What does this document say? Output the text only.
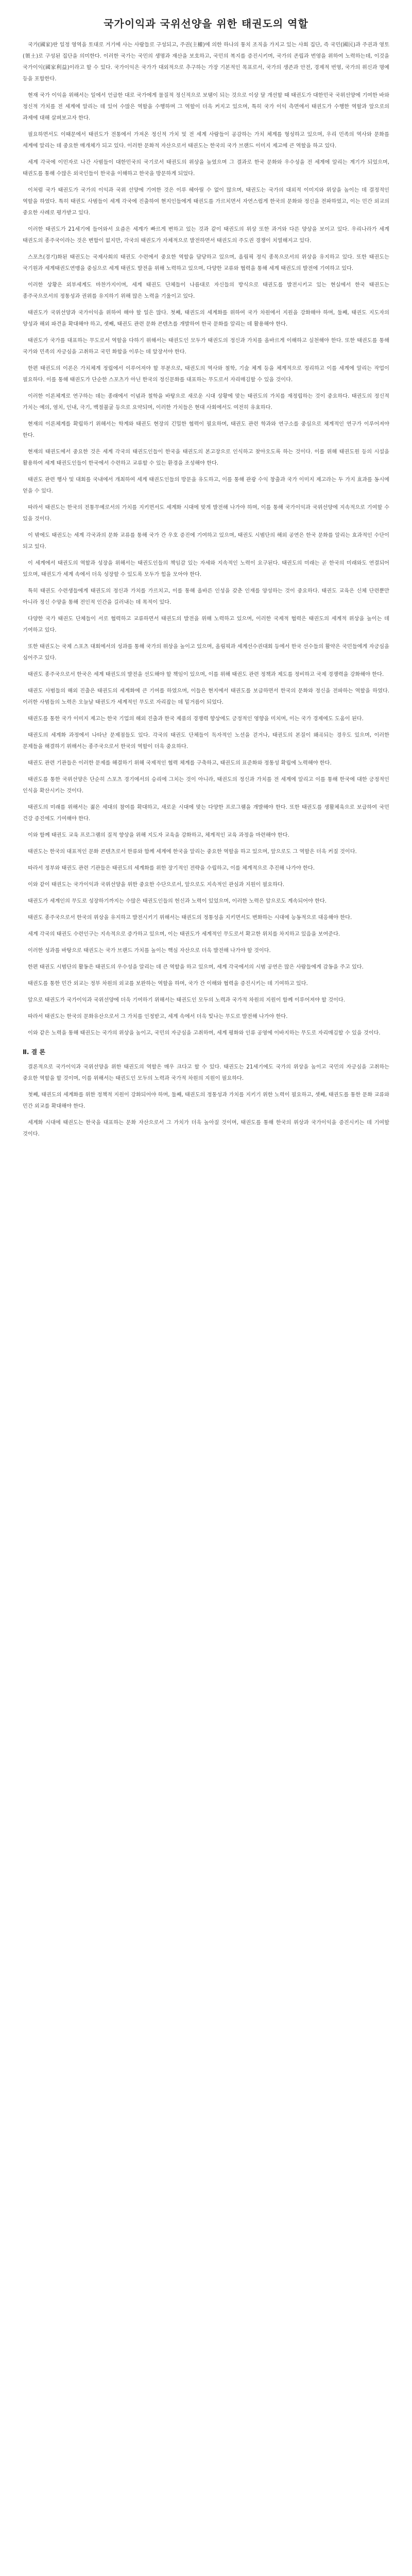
국가이익과 국위선양을 위한 태권도의 역할

국가(國家)란 일정 영역을 토대로 거기에 사는 사람들로 구성되고, 주권(主權)에 의한 하나의 통치 조직을 가지고 있는 사회 집단, 즉 국민(國民)과 주권과 영토(領土)로 구성된 집단을 의미한다. 이러한 국가는 국민의 생명과 재산을 보호하고, 국민의 복지를 증진시키며, 국가의 존립과 번영을 위하여 노력하는데, 이것을 국가이익(國家利益)이라고 할 수 있다. 국가이익은 국가가 대외적으로 추구하는 가장 기본적인 목표로서, 국가의 생존과 안전, 경제적 번영, 국가의 위신과 명예 등을 포함한다.

현재 국가 이익을 위해서는 일에서 언급한 대로 국가에게 물질적 정신적으로 보탬이 되는 것으로 이상 달 개선할 때 태권도가 대한민국 국위선양에 기여한 바와 정신적 가치를 전 세계에 알리는 데 있어 수많은 역할을 수행하며 그 역할이 더욱 커지고 있으며, 특히 국가 이익 측면에서 태권도가 수행한 역할과 앞으로의 과제에 대해 살펴보고자 한다.

필요하면서도 이때문에서 태권도가 전통에서 가져온 정신적 가치 및 전 세계 사람들이 공감하는 가치 체계를 형성하고 있으며, 우리 민족의 역사와 문화를 세계에 알리는 데 중요한 매개체가 되고 있다. 이러한 문화적 자산으로서 태권도는 한국의 국가 브랜드 이미지 제고에 큰 역할을 하고 있다.

세계 각국에 이민자로 나간 사범들이 대한민국의 국기로서 태권도의 위상을 높였으며 그 결과로 한국 문화와 우수성을 전 세계에 알리는 계기가 되었으며, 태권도를 통해 수많은 외국인들이 한국을 이해하고 한국을 방문하게 되었다.

이처럼 국가 태권도가 국가의 이익과 국위 선양에 기여한 것은 이루 헤아릴 수 없이 많으며, 태권도는 국가의 대외적 이미지와 위상을 높이는 데 결정적인 역할을 하였다. 특히 태권도 사범들이 세계 각국에 진출하여 현지인들에게 태권도를 가르치면서 자연스럽게 한국의 문화와 정신을 전파하였고, 이는 민간 외교의 중요한 사례로 평가받고 있다.

이러한 태권도가 21세기에 들어와서 요즘은 세계가 빠르게 변하고 있는 것과 같이 태권도의 위상 또한 과거와 다른 양상을 보이고 있다. 우리나라가 세계 태권도의 종주국이라는 것은 변함이 없지만, 각국의 태권도가 자체적으로 발전하면서 태권도의 주도권 경쟁이 치열해지고 있다.

스포츠(경기)화된 태권도는 국제사회의 태권도 수련에서 중요한 역할을 담당하고 있으며, 올림픽 정식 종목으로서의 위상을 유지하고 있다. 또한 태권도는 국기원과 세계태권도연맹을 중심으로 세계 태권도 발전을 위해 노력하고 있으며, 다양한 교류와 협력을 통해 세계 태권도의 발전에 기여하고 있다.

이러한 상황은 외부세계도 마찬가지이며, 세계 태권도 단체들이 나름대로 자신들의 방식으로 태권도를 발전시키고 있는 현실에서 한국 태권도는 종주국으로서의 정통성과 권위를 유지하기 위해 많은 노력을 기울이고 있다.

태권도가 국위선양과 국가이익을 위하여 해야 할 일은 많다. 첫째, 태권도의 세계화를 위하여 국가 차원에서 지원을 강화해야 하며, 둘째, 태권도 지도자의 양성과 해외 파견을 확대해야 하고, 셋째, 태권도 관련 문화 콘텐츠를 개발하여 한국 문화를 알리는 데 활용해야 한다.

태권도가 국가를 대표하는 무도로서 역할을 다하기 위해서는 태권도인 모두가 태권도의 정신과 가치를 올바르게 이해하고 실천해야 한다. 또한 태권도를 통해 국가와 민족의 자긍심을 고취하고 국민 화합을 이루는 데 앞장서야 한다.

한편 태권도의 이론은 가치체계 정립에서 이루어져야 할 부분으로, 태권도의 역사와 철학, 기술 체계 등을 체계적으로 정리하고 이를 세계에 알리는 작업이 필요하다. 이를 통해 태권도가 단순한 스포츠가 아닌 한국의 정신문화를 대표하는 무도로서 자리매김할 수 있을 것이다.

이러한 이론체계로 연구하는 데는 종래에서 이념과 철학을 바탕으로 새로운 시대 상황에 맞는 태권도의 가치를 재정립하는 것이 중요하다. 태권도의 정신적 가치는 예의, 염치, 인내, 극기, 백절불굴 등으로 요약되며, 이러한 가치들은 현대 사회에서도 여전히 유효하다.

현재의 이론체계를 확립하기 위해서는 학계와 태권도 현장의 긴밀한 협력이 필요하며, 태권도 관련 학과와 연구소를 중심으로 체계적인 연구가 이루어져야 한다.

현재의 태권도에서 중요한 것은 세계 각국의 태권도인들이 한국을 태권도의 본고장으로 인식하고 찾아오도록 하는 것이다. 이를 위해 태권도원 등의 시설을 활용하여 세계 태권도인들이 한국에서 수련하고 교류할 수 있는 환경을 조성해야 한다.

태권도 관련 행사 및 대회를 국내에서 개최하여 세계 태권도인들의 방문을 유도하고, 이를 통해 관광 수익 창출과 국가 이미지 제고라는 두 가지 효과를 동시에 얻을 수 있다.

따라서 태권도는 한국의 전통무예로서의 가치를 지키면서도 세계화 시대에 맞게 발전해 나가야 하며, 이를 통해 국가이익과 국위선양에 지속적으로 기여할 수 있을 것이다.

이 밖에도 태권도는 세계 각국과의 문화 교류를 통해 국가 간 우호 증진에 기여하고 있으며, 태권도 시범단의 해외 공연은 한국 문화를 알리는 효과적인 수단이 되고 있다.

이 세계에서 태권도의 역할과 성장을 위해서는 태권도인들의 책임감 있는 자세와 지속적인 노력이 요구된다. 태권도의 미래는 곧 한국의 미래와도 연결되어 있으며, 태권도가 세계 속에서 더욱 성장할 수 있도록 모두가 힘을 모아야 한다.

특히 태권도 수련생들에게 태권도의 정신과 가치를 가르치고, 이를 통해 올바른 인성을 갖춘 인재를 양성하는 것이 중요하다. 태권도 교육은 신체 단련뿐만 아니라 정신 수양을 통해 전인적 인간을 길러내는 데 목적이 있다.

다양한 국가 태권도 단체들이 서로 협력하고 교류하면서 태권도의 발전을 위해 노력하고 있으며, 이러한 국제적 협력은 태권도의 세계적 위상을 높이는 데 기여하고 있다.

또한 태권도는 국제 스포츠 대회에서의 성과를 통해 국가의 위상을 높이고 있으며, 올림픽과 세계선수권대회 등에서 한국 선수들의 활약은 국민들에게 자긍심을 심어주고 있다.

태권도 종주국으로서 한국은 세계 태권도의 발전을 선도해야 할 책임이 있으며, 이를 위해 태권도 관련 정책과 제도를 정비하고 국제 경쟁력을 강화해야 한다.

태권도 사범들의 해외 진출은 태권도의 세계화에 큰 기여를 하였으며, 이들은 현지에서 태권도를 보급하면서 한국의 문화와 정신을 전파하는 역할을 하였다. 이러한 사범들의 노력은 오늘날 태권도가 세계적인 무도로 자리잡는 데 밑거름이 되었다.

태권도를 통한 국가 이미지 제고는 한국 기업의 해외 진출과 한국 제품의 경쟁력 향상에도 긍정적인 영향을 미치며, 이는 국가 경제에도 도움이 된다.

태권도의 세계화 과정에서 나타난 문제점들도 있다. 각국의 태권도 단체들이 독자적인 노선을 걷거나, 태권도의 본질이 왜곡되는 경우도 있으며, 이러한 문제들을 해결하기 위해서는 종주국으로서 한국의 역할이 더욱 중요하다.

태권도 관련 기관들은 이러한 문제를 해결하기 위해 국제적인 협력 체계를 구축하고, 태권도의 표준화와 정통성 확립에 노력해야 한다.

태권도를 통한 국위선양은 단순히 스포츠 경기에서의 승리에 그치는 것이 아니라, 태권도의 정신과 가치를 전 세계에 알리고 이를 통해 한국에 대한 긍정적인 인식을 확산시키는 것이다.

태권도의 미래를 위해서는 젊은 세대의 참여를 확대하고, 새로운 시대에 맞는 다양한 프로그램을 개발해야 한다. 또한 태권도를 생활체육으로 보급하여 국민 건강 증진에도 기여해야 한다.

이와 함께 태권도 교육 프로그램의 질적 향상을 위해 지도자 교육을 강화하고, 체계적인 교육 과정을 마련해야 한다.

태권도는 한국의 대표적인 문화 콘텐츠로서 한류와 함께 세계에 한국을 알리는 중요한 역할을 하고 있으며, 앞으로도 그 역할은 더욱 커질 것이다.

따라서 정부와 태권도 관련 기관들은 태권도의 세계화를 위한 장기적인 전략을 수립하고, 이를 체계적으로 추진해 나가야 한다.

이와 같이 태권도는 국가이익과 국위선양을 위한 중요한 수단으로서, 앞으로도 지속적인 관심과 지원이 필요하다.

태권도가 세계인의 무도로 성장하기까지는 수많은 태권도인들의 헌신과 노력이 있었으며, 이러한 노력은 앞으로도 계속되어야 한다.

태권도 종주국으로서 한국의 위상을 유지하고 발전시키기 위해서는 태권도의 정통성을 지키면서도 변화하는 시대에 능동적으로 대응해야 한다.

세계 각국의 태권도 수련인구는 지속적으로 증가하고 있으며, 이는 태권도가 세계적인 무도로서 확고한 위치를 차지하고 있음을 보여준다.

이러한 성과를 바탕으로 태권도는 국가 브랜드 가치를 높이는 핵심 자산으로 더욱 발전해 나가야 할 것이다.

한편 태권도 시범단의 활동은 태권도의 우수성을 알리는 데 큰 역할을 하고 있으며, 세계 각국에서의 시범 공연은 많은 사람들에게 감동을 주고 있다.

태권도를 통한 민간 외교는 정부 차원의 외교를 보완하는 역할을 하며, 국가 간 이해와 협력을 증진시키는 데 기여하고 있다.

앞으로 태권도가 국가이익과 국위선양에 더욱 기여하기 위해서는 태권도인 모두의 노력과 국가적 차원의 지원이 함께 이루어져야 할 것이다.

따라서 태권도는 한국의 문화유산으로서 그 가치를 인정받고, 세계 속에서 더욱 빛나는 무도로 발전해 나가야 한다.

이와 같은 노력을 통해 태권도는 국가의 위상을 높이고, 국민의 자긍심을 고취하며, 세계 평화와 인류 공영에 이바지하는 무도로 자리매김할 수 있을 것이다.

Ⅱ. 결 론

결론적으로 국가이익과 국위선양을 위한 태권도의 역할은 매우 크다고 할 수 있다. 태권도는 21세기에도 국가의 위상을 높이고 국민의 자긍심을 고취하는 중요한 역할을 할 것이며, 이를 위해서는 태권도인 모두의 노력과 국가적 차원의 지원이 필요하다.

첫째, 태권도의 세계화를 위한 정책적 지원이 강화되어야 하며, 둘째, 태권도의 정통성과 가치를 지키기 위한 노력이 필요하고, 셋째, 태권도를 통한 문화 교류와 민간 외교를 확대해야 한다.

세계화 시대에 태권도는 한국을 대표하는 문화 자산으로서 그 가치가 더욱 높아질 것이며, 태권도를 통해 한국의 위상과 국가이익을 증진시키는 데 기여할 것이다.
